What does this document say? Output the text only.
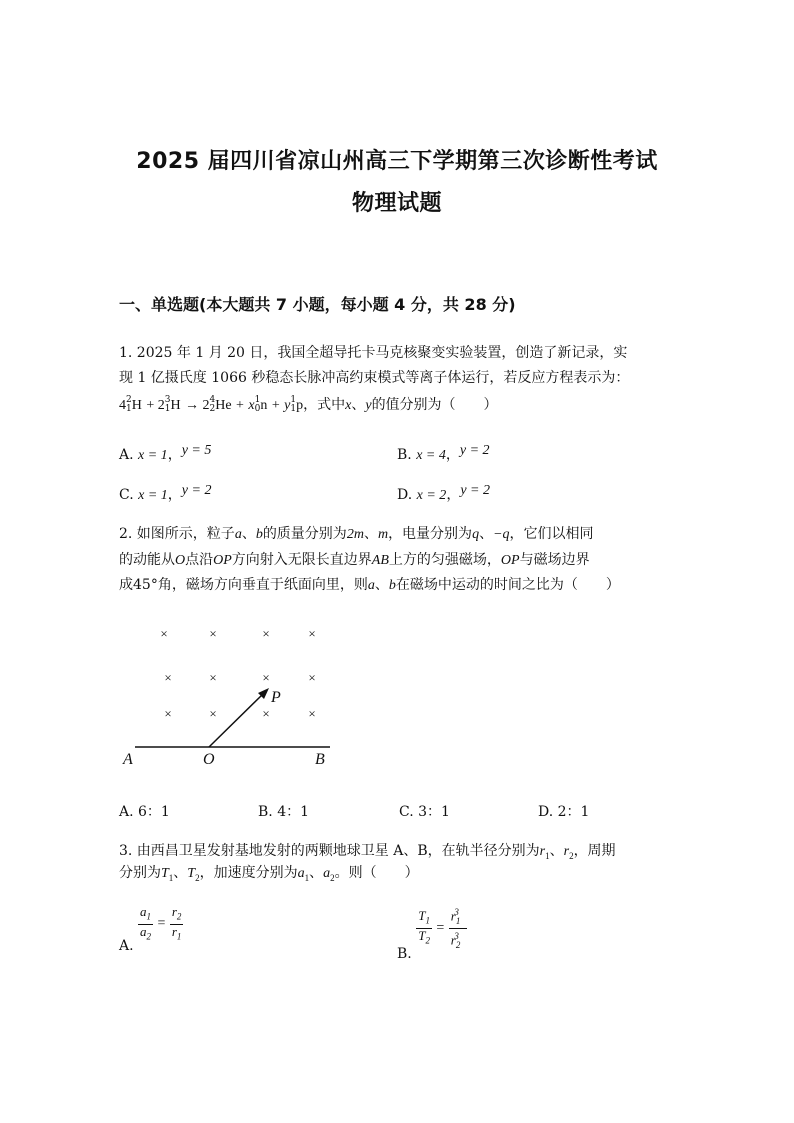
2025 届四川省凉山州高三下学期第三次诊断性考试
物理试题
一、单选题(本大题共 7 小题，每小题 4 分，共 28 分)
1. 2025 年 1 月 20 日，我国全超导托卡马克核聚变实验装置，创造了新记录，实
现 1 亿摄氏度 1066 秒稳态长脉冲高约束模式等离子体运行，若反应方程表示为：
4 2
1 H + 2 3
1 H → 2 4
2 He + x 1
0 n + y 1
1 p，式中x、y的值分别为（　　）
A. x = 1，y = 5	B. x = 4，y = 2
C. x = 1，y = 2	D. x = 2，y = 2
2. 如图所示，粒子a、b的质量分别为2m、m，电量分别为q、−q，它们以相同
的动能从O点沿OP方向射入无限长直边界AB上方的匀强磁场，OP与磁场边界
成45°角，磁场方向垂直于纸面向里，则a、b在磁场中运动的时间之比为（　　）
×	×	×	×
×	×	×	×
×	×	×	×
P
A	O	B
A. 6：1	B. 4：1	C. 3：1	D. 2：1
3. 由西昌卫星发射基地发射的两颗地球卫星 A、B，在轨半径分别为$r_1$、$r_2$，周期
分别为$T_1$、$T_2$，加速度分别为$a_1$、$a_2$。则（　　）
A.
$\frac{a_1}{a_2} = \frac{r_2}{r_1}$
B.
$\frac{T_1}{T_2} = \frac{r_1^3}{r_2^3}$
